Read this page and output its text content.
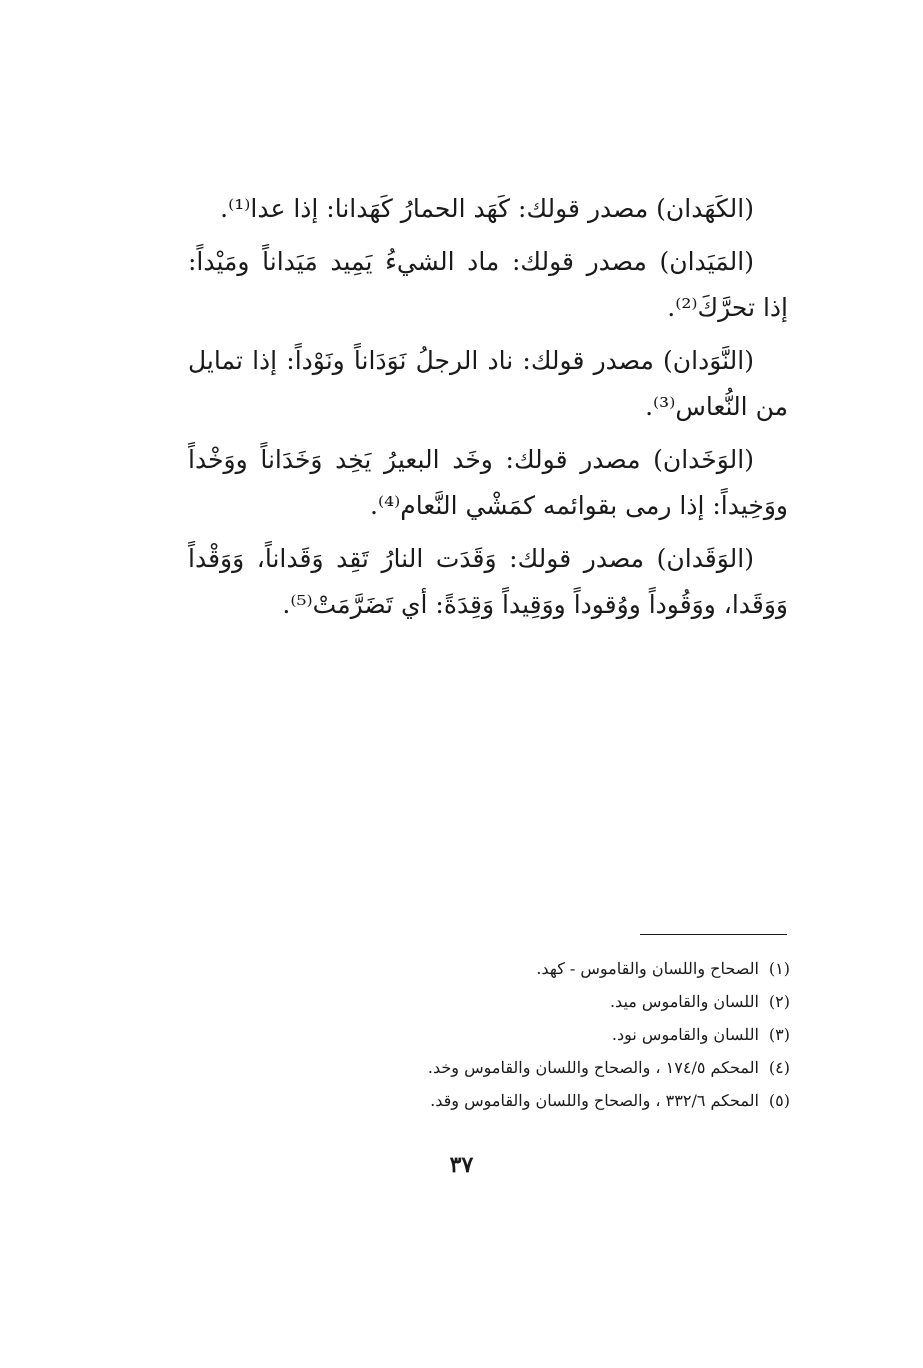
(الكَهَدان) مصدر قولك: كَهَد الحمارُ كَهَدانا: إذا عدا⁽¹⁾.

(المَيَدان) مصدر قولك: ماد الشيءُ يَمِيد مَيَداناً ومَيْداً: إذا تحرَّكَ⁽²⁾.

(النَّوَدان) مصدر قولك: ناد الرجلُ نَوَدَاناً ونَوْداً: إذا تمايل من النُّعاس⁽³⁾.

(الوَخَدان) مصدر قولك: وخَد البعيرُ يَخِد وَخَدَاناً ووَخْداً ووَخِيداً: إذا رمى بقوائمه كمَشْي النَّعام⁽⁴⁾.

(الوَقَدان) مصدر قولك: وَقَدَت النارُ تَقِد وَقَداناً، وَوَقْداً وَوَقَدا، ووَقُوداً ووُقوداً ووَقِيداً وَقِدَةً: أي تَضَرَّمَتْ⁽⁵⁾.

(١)الصحاح واللسان والقاموس - كهد.
(٢)اللسان والقاموس ميد.
(٣)اللسان والقاموس نود.
(٤)المحكم ١٧٤/٥ ، والصحاح واللسان والقاموس وخد.
(٥)المحكم ٣٣٢/٦ ، والصحاح واللسان والقاموس وقد.
٣٧
